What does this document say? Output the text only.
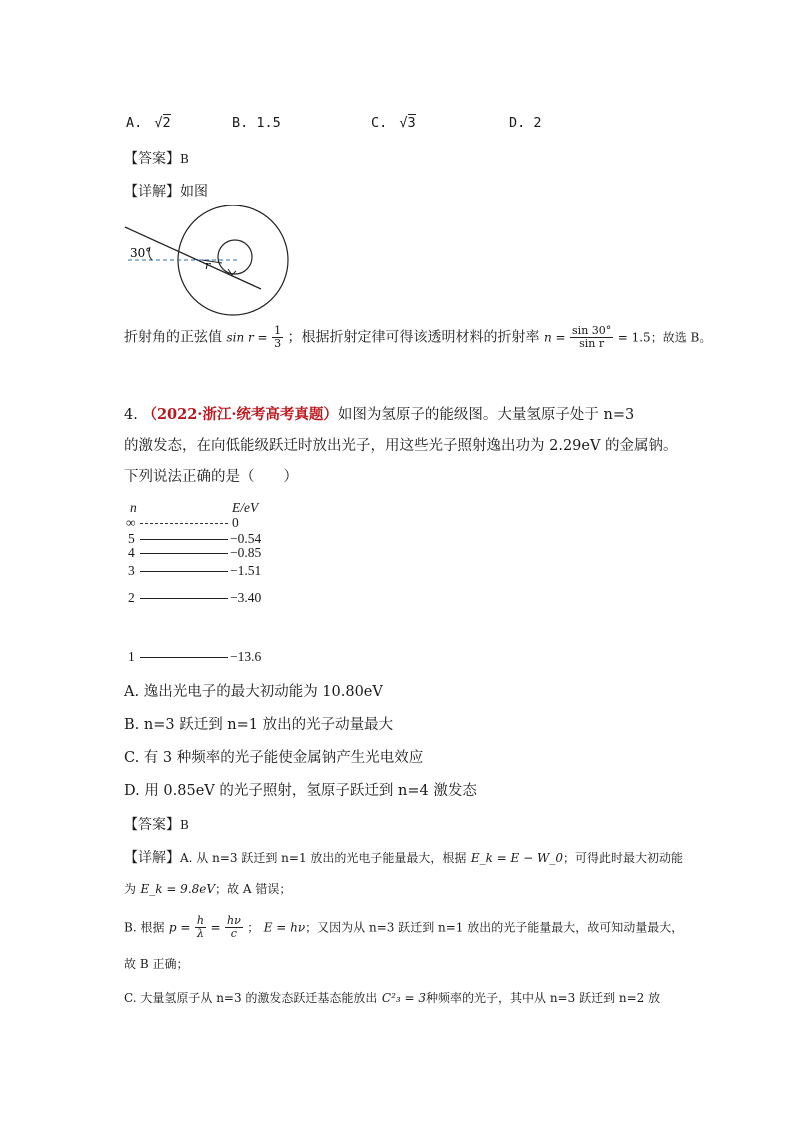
A. √2	B. 1.5	C. √3	D. 2
【答案】B
【详解】如图
30°
r
折射角的正弦值 $\sin r = \frac{1}{3}$ ；根据折射定律可得该透明材料的折射率 $n = \frac{\sin 30^\circ}{\text{sin r}} = 1.5$；故选 B。
4. （2022·浙江·统考高考真题）如图为氢原子的能级图。大量氢原子处于 n=3
的激发态，在向低能级跃迁时放出光子，用这些光子照射逸出功为 2.29eV 的金属钠。
下列说法正确的是（　　）
n	E/eV
∞	0
5	−0.54
4	−0.85
3	−1.51
2	−3.40
1	−13.6
A. 逸出光电子的最大初动能为 10.80eV
B. n=3 跃迁到 n=1 放出的光子动量最大
C. 有 3 种频率的光子能使金属钠产生光电效应
D. 用 0.85eV 的光子照射，氢原子跃迁到 n=4 激发态
【答案】B
【详解】A. 从 n=3 跃迁到 n=1 放出的光电子能量最大，根据 E_k = E − W_0；可得此时最大初动能
为 E_k = 9.8eV；故 A 错误；
B. 根据 $p = \frac{h}{\lambda} = \frac{h\nu}{c}$ ； E = hν；又因为从 n=3 跃迁到 n=1 放出的光子能量最大，故可知动量最大，
故 B 正确；
C. 大量氢原子从 n=3 的激发态跃迁基态能放出 C²₃ = 3种频率的光子，其中从 n=3 跃迁到 n=2 放
